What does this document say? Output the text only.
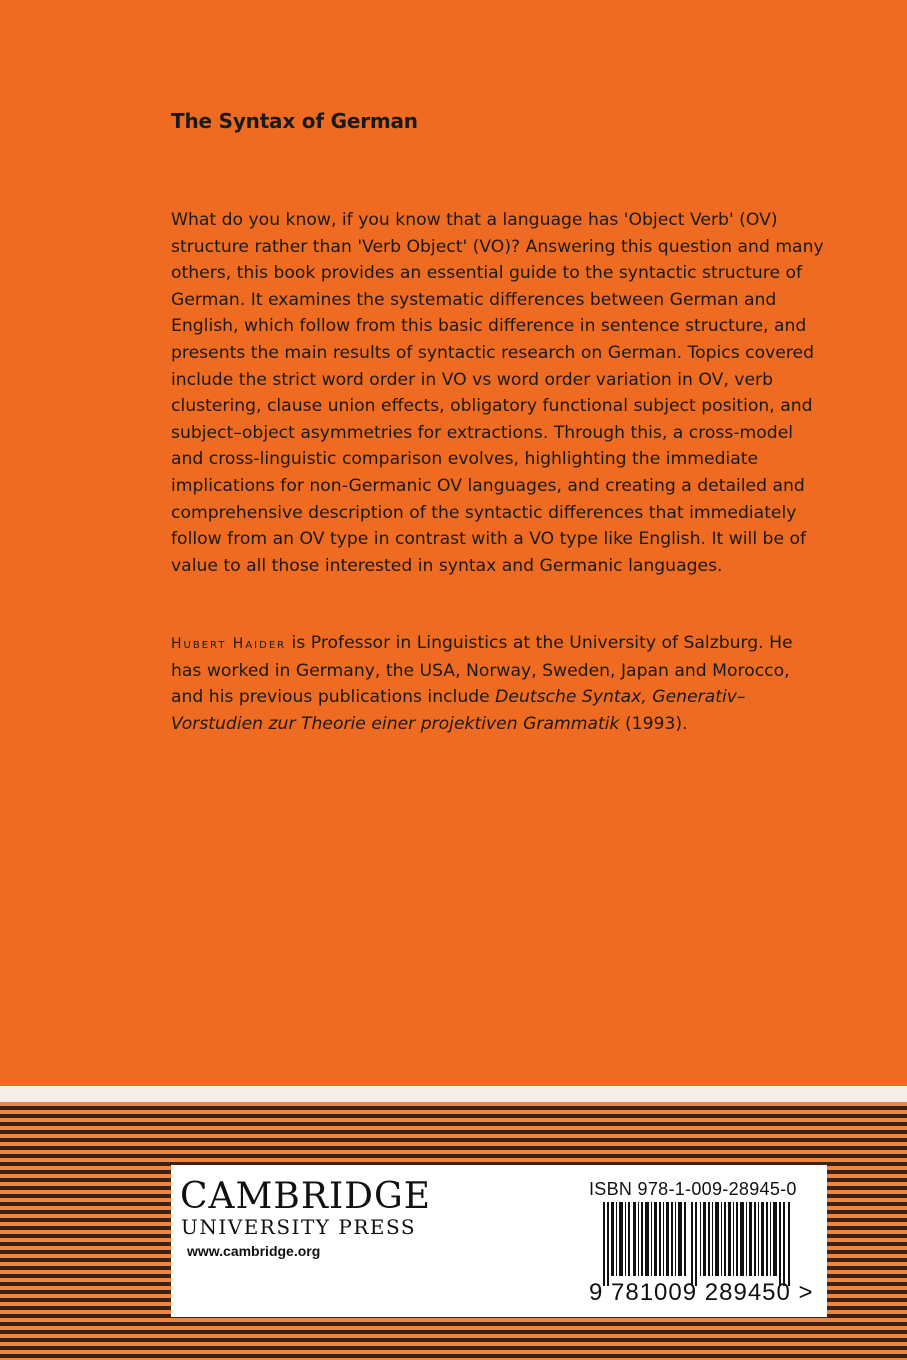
The Syntax of German

What do you know, if you know that a language has 'Object Verb' (OV) structure rather than 'Verb Object' (VO)? Answering this question and many others, this book provides an essential guide to the syntactic structure of German. It examines the systematic differences between German and English, which follow from this basic difference in sentence structure, and presents the main results of syntactic research on German. Topics covered include the strict word order in VO vs word order variation in OV, verb clustering, clause union effects, obligatory functional subject position, and subject–object asymmetries for extractions. Through this, a cross-model and cross-linguistic comparison evolves, highlighting the immediate implications for non-Germanic OV languages, and creating a detailed and comprehensive description of the syntactic differences that immediately follow from an OV type in contrast with a VO type like English. It will be of value to all those interested in syntax and Germanic languages.

Hubert Haider is Professor in Linguistics at the University of Salzburg. He has worked in Germany, the USA, Norway, Sweden, Japan and Morocco, and his previous publications include Deutsche Syntax, Generativ–Vorstudien zur Theorie einer projektiven Grammatik (1993).

CAMBRIDGE
UNIVERSITY PRESS
www.cambridge.org
ISBN 978-1-009-28945-0
9 781009 289450 >
